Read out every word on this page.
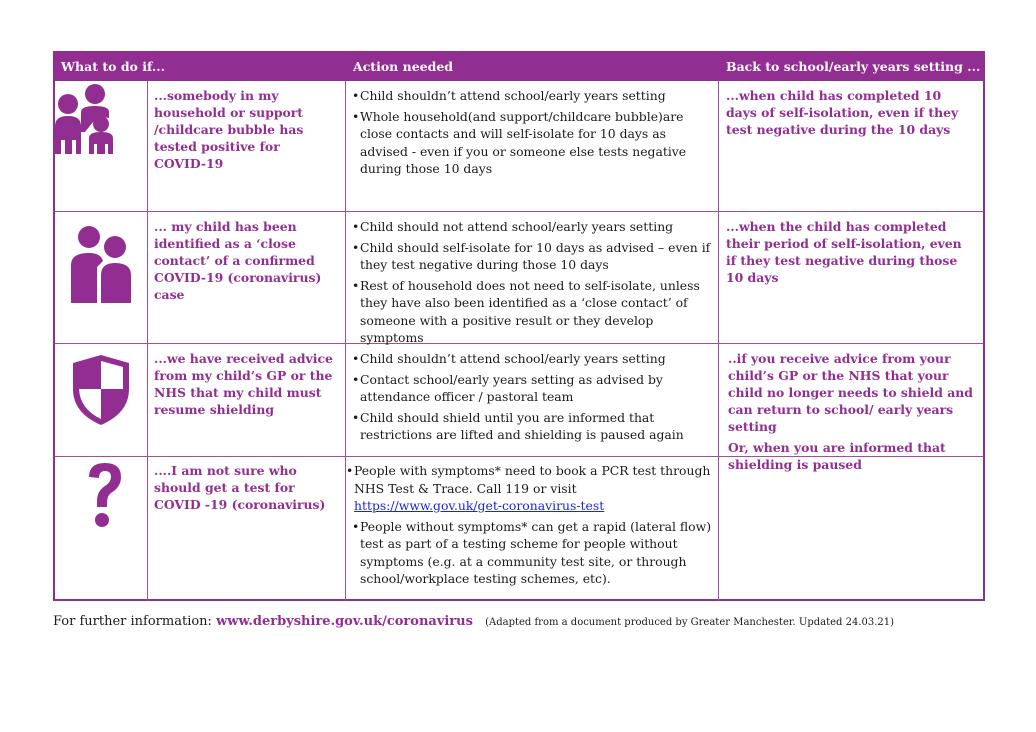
What to do if...	Action needed	Back to school/early years setting ...
...somebody in my household or support /childcare bubble has tested positive for COVID-19
• Child shouldn’t attend school/early years setting
• Whole household(and support/childcare bubble)are close contacts and will self-isolate for 10 days as advised - even if you or someone else tests negative during those 10 days
...when child has completed 10 days of self-isolation, even if they test negative during the 10 days
... my child has been identified as a ‘close contact’ of a confirmed COVID-19 (coronavirus) case
• Child should not attend school/early years setting
• Child should self-isolate for 10 days as advised – even if they test negative during those 10 days
• Rest of household does not need to self-isolate, unless they have also been identified as a ‘close contact’ of someone with a positive result or they develop symptoms
...when the child has completed their period of self-isolation, even if they test negative during those 10 days
...we have received advice from my child’s GP or the NHS that my child must resume shielding
• Child shouldn’t attend school/early years setting
• Contact school/early years setting as advised by attendance officer / pastoral team
• Child should shield until you are informed that restrictions are lifted and shielding is paused again
..if you receive advice from your child’s GP or the NHS that your child no longer needs to shield and can return to school/ early years setting
Or, when you are informed that shielding is paused
....I am not sure who should get a test for COVID -19 (coronavirus)
• People with symptoms* need to book a PCR test through NHS Test & Trace. Call 119 or visit
https://www.gov.uk/get-coronavirus-test
• People without symptoms* can get a rapid (lateral flow) test as part of a testing scheme for people without symptoms (e.g. at a community test site, or through school/workplace testing schemes, etc).
For further information: www.derbyshire.gov.uk/coronavirus (Adapted from a document produced by Greater Manchester. Updated 24.03.21)
